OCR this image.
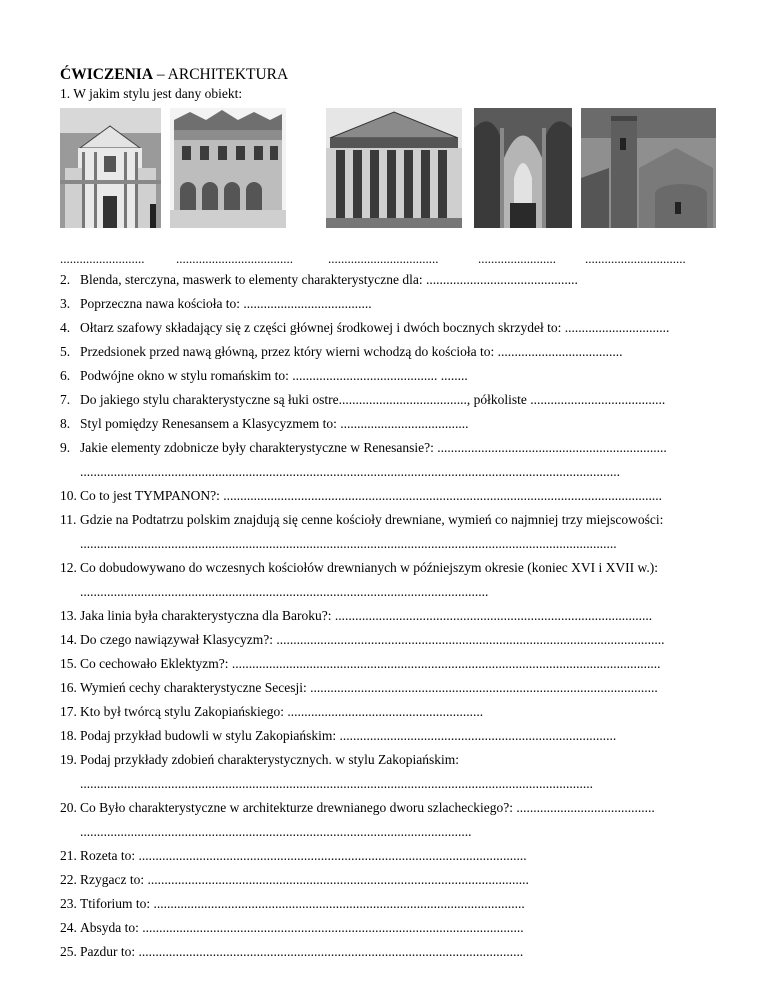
ĆWICZENIA – ARCHITEKTURA
1. W jakim stylu jest dany obiekt:
.......................... ....................................	..................................	........................ ...............................
2. Blenda, sterczyna, maswerk to elementy charakterystyczne dla: .............................................
3. Poprzeczna nawa kościoła to: ......................................
4. Ołtarz szafowy składający się z części głównej środkowej i dwóch bocznych skrzydeł to: ...............................
5. Przedsionek przed nawą główną, przez który wierni wchodzą do kościoła to: .....................................
6. Podwójne okno w stylu romańskim to: ........................................... ........
7. Do jakiego stylu charakterystyczne są łuki ostre......................................, półkoliste ........................................
8. Styl pomiędzy Renesansem a Klasycyzmem to: ......................................
9. Jakie elementy zdobnicze były charakterystyczne w Renesansie?: ....................................................................
................................................................................................................................................................
10. Co to jest TYMPANON?: ..................................................................................................................................
11. Gdzie na Podtatrzu polskim znajdują się cenne kościoły drewniane, wymień co najmniej trzy miejscowości:
...............................................................................................................................................................
12. Co dobudowywano do wczesnych kościołów drewnianych w późniejszym okresie (koniec XVI i XVII w.):
.........................................................................................................................
13. Jaka linia była charakterystyczna dla Baroku?: ..............................................................................................
14. Do czego nawiązywał Klasycyzm?: ...................................................................................................................
15. Co cechowało Eklektyzm?: ...............................................................................................................................
16. Wymień cechy charakterystyczne Secesji: .......................................................................................................
17. Kto był twórcą stylu Zakopiańskiego: ..........................................................
18. Podaj przykład budowli w stylu Zakopiańskim: ..................................................................................
19. Podaj przykłady zdobień charakterystycznych. w stylu Zakopiańskim:
........................................................................................................................................................
20. Co Było charakterystyczne w architekturze drewnianego dworu szlacheckiego?: .........................................
....................................................................................................................
21. Rozeta to: ...................................................................................................................
22. Rzygacz to: .................................................................................................................
23. Ttiforium to: ..............................................................................................................
24. Absyda to: .................................................................................................................
25. Pazdur to: ..................................................................................................................
